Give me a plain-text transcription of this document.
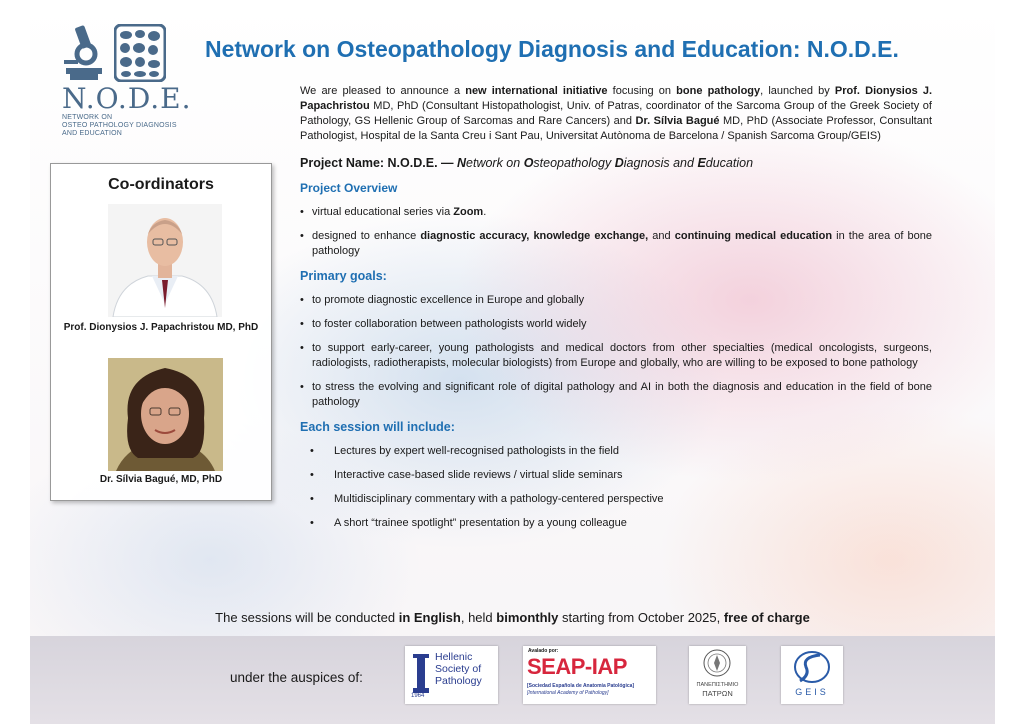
N.O.D.E.
NETWORK ON
OSTEO PATHOLOGY DIAGNOSIS
AND EDUCATION
Network on Osteopathology Diagnosis and Education: N.O.D.E.
Co-ordinators
Prof. Dionysios J. Papachristou MD, PhD
Dr. Sílvia Bagué, MD, PhD

We are pleased to announce a new international initiative focusing on bone pathology, launched by Prof. Dionysios J. Papachristou MD, PhD (Consultant Histopathologist, Univ. of Patras, coordinator of the Sarcoma Group of the Greek Society of Pathology, GS Hellenic Group of Sarcomas and Rare Cancers) and Dr. Sílvia Bagué MD, PhD (Associate Professor, Consultant Pathologist, Hospital de la Santa Creu i Sant Pau, Universitat Autònoma de Barcelona / Spanish Sarcoma Group/GEIS)

Project Name: N.O.D.E. — Network on Osteopathology Diagnosis and Education
Project Overview
• virtual educational series via Zoom.
• designed to enhance diagnostic accuracy, knowledge exchange, and continuing medical education in the area of bone pathology
Primary goals:
• to promote diagnostic excellence in Europe and globally
• to foster collaboration between pathologists world widely
• to support early-career, young pathologists and medical doctors from other specialties (medical oncologists, surgeons, radiologists, radiotherapists, molecular biologists) from Europe and globally, who are willing to be exposed to bone pathology
• to stress the evolving and significant role of digital pathology and AI in both the diagnosis and education in the field of bone pathology
Each session will include:
• Lectures by expert well-recognised pathologists in the field
• Interactive case-based slide reviews / virtual slide seminars
• Multidisciplinary commentary with a pathology-centered perspective
• A short “trainee spotlight” presentation by a young colleague
The sessions will be conducted in English, held bimonthly starting from October 2025, free of charge
under the auspices of:
Hellenic
Society of
Pathology
1964
Avalado por:
SEAP-IAP
[Sociedad Española de Anatomía Patológica]
[International Academy of Pathology]
ΠΑΝΕΠΙΣΤΗΜΙΟ
ΠΑΤΡΩΝ	GEIS
